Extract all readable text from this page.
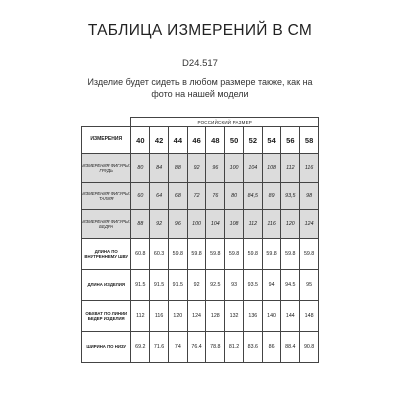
ТАБЛИЦА ИЗМЕРЕНИЙ В СМ
D24.517
Изделие будет сидеть в любом размере также, как на фото на нашей модели
	РОССИЙСКИЙ РАЗМЕР									
ИЗМЕРЕНИЯ	40	42	44	46	48	50	52	54	56	58
ИЗМЕРЕНИЯ ФИГУРЫ: ГРУДЬ	80	84	88	92	96	100	104	108	112	116
ИЗМЕРЕНИЯ ФИГУРЫ: ТАЛИЯ	60	64	68	72	76	80	84,5	89	93,5	98
ИЗМЕРЕНИЯ ФИГУРЫ: БЕДРА	88	92	96	100	104	108	112	116	120	124
ДЛИНА ПО ВНУТРЕННЕМУ ШВУ	60.8	60.3	59.8	59.8	59.8	59.8	59.8	59.8	59.8	59.8
ДЛИНА ИЗДЕЛИЯ	91.5	91.5	91.5	92	92.5	93	93.5	94	94.5	95
ОБХВАТ ПО ЛИНИИ БЕДЕР ИЗДЕЛИЯ	112	116	120	124	128	132	136	140	144	148
ШИРИНА ПО НИЗУ	69.2	71.6	74	76.4	78.8	81.2	83.6	86	88.4	90.8
